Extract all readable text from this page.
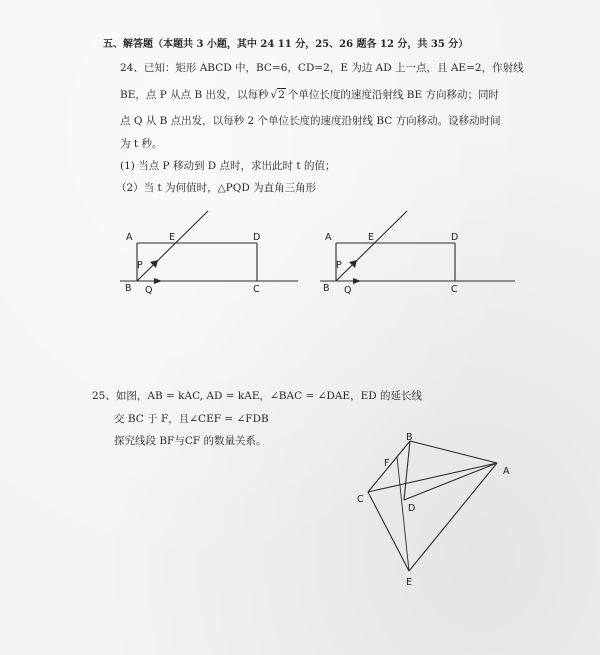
五、解答题（本题共 3 小题，其中 24 11 分，25、26 题各 12 分，共 35 分）
24、已知：矩形 ABCD 中，BC=6，CD=2，E 为边 AD 上一点，且 AE=2，作射线
BE，点 P 从点 B 出发，以每秒 √2 个单位长度的速度沿射线 BE 方向移动；同时
点 Q 从 B 点出发，以每秒 2 个单位长度的速度沿射线 BC 方向移动。设移动时间
为 t 秒。
(1) 当点 P 移动到 D 点时，求出此时 t 的值；
（2）当 t 为何值时，△PQD 为直角三角形
25、如图，AB = kAC, AD = kAE，∠BAC = ∠DAE，ED 的延长线
交 BC 于 F，且∠CEF = ∠FDB
探究线段 BF与CF 的数量关系。
A	E	D
P
B Q	C
A	E	D
P
B Q	C
B
F
A
C
D
E
